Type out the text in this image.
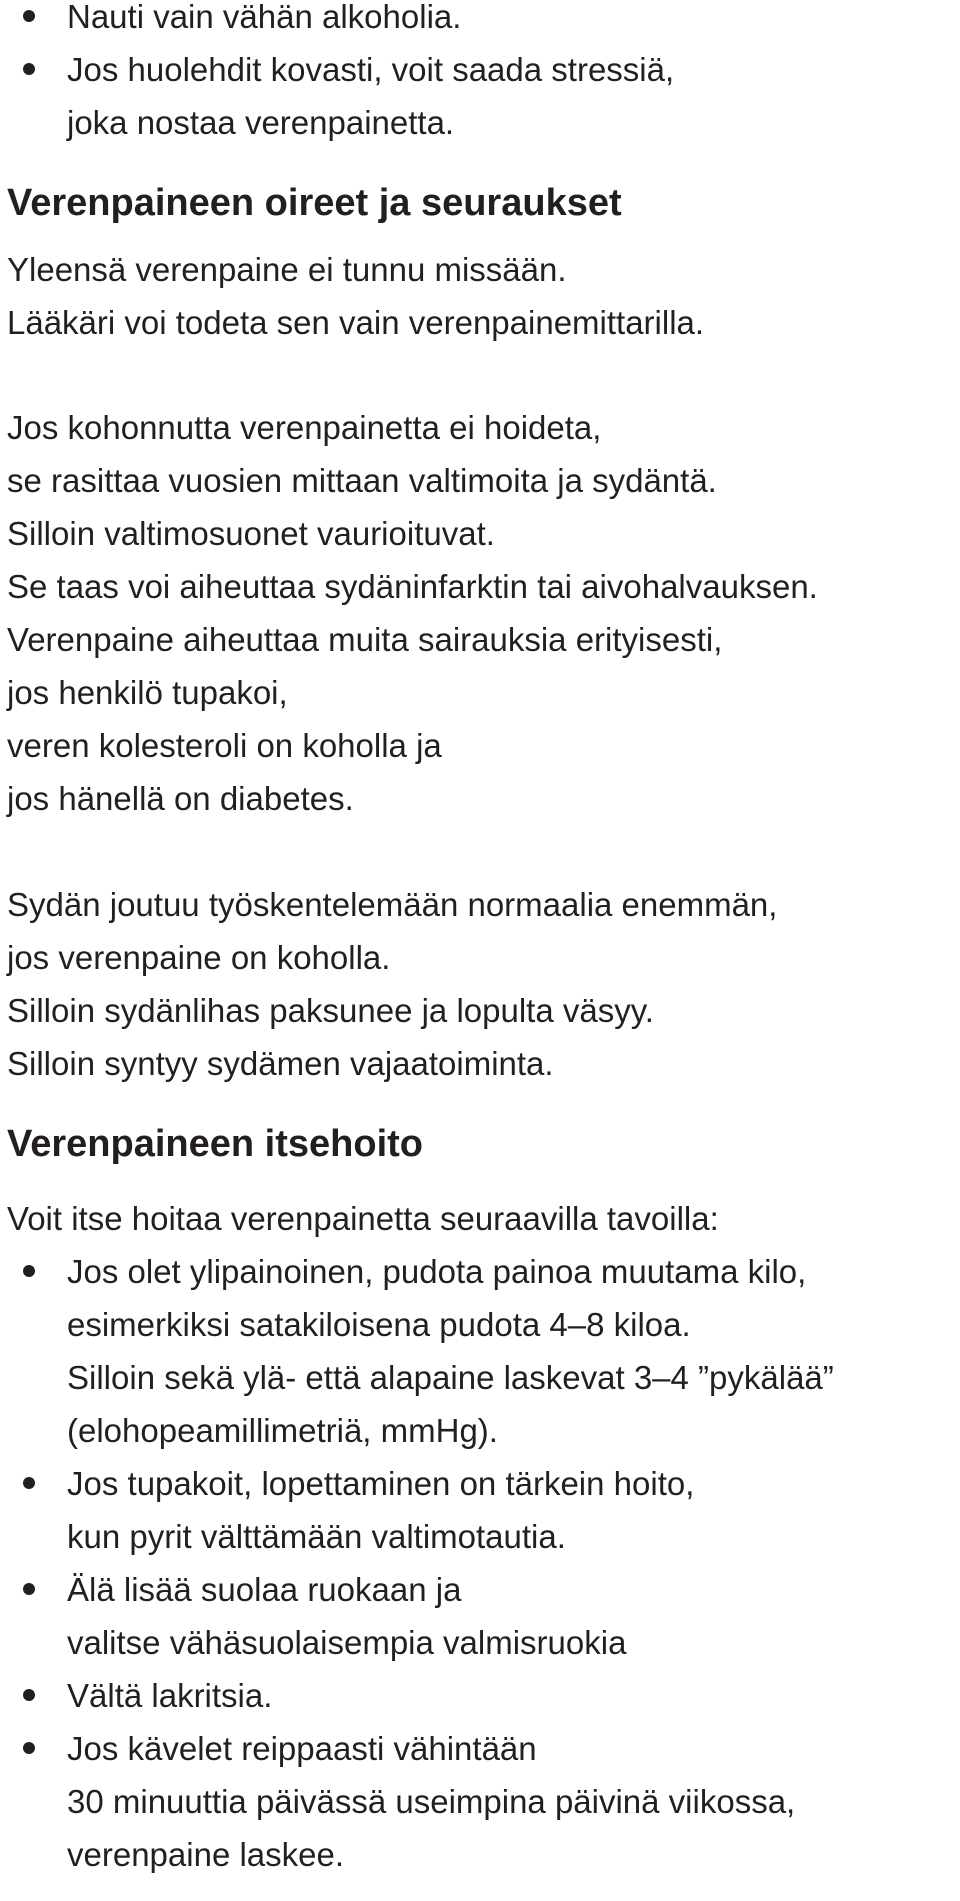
Nauti vain vähän alkoholia.
Jos huolehdit kovasti, voit saada stressiä,
joka nostaa verenpainetta.
Verenpaineen oireet ja seuraukset

Yleensä verenpaine ei tunnu missään.

Lääkäri voi todeta sen vain verenpainemittarilla.

Jos kohonnutta verenpainetta ei hoideta,

se rasittaa vuosien mittaan valtimoita ja sydäntä.

Silloin valtimosuonet vaurioituvat.

Se taas voi aiheuttaa sydäninfarktin tai aivohalvauksen.

Verenpaine aiheuttaa muita sairauksia erityisesti,

jos henkilö tupakoi,

veren kolesteroli on koholla ja

jos hänellä on diabetes.

Sydän joutuu työskentelemään normaalia enemmän,

jos verenpaine on koholla.

Silloin sydänlihas paksunee ja lopulta väsyy.

Silloin syntyy sydämen vajaatoiminta.

Verenpaineen itsehoito

Voit itse hoitaa verenpainetta seuraavilla tavoilla:

Jos olet ylipainoinen, pudota painoa muutama kilo,
esimerkiksi satakiloisena pudota 4–8 kiloa.
Silloin sekä ylä- että alapaine laskevat 3–4 ”pykälää”
(elohopeamillimetriä, mmHg).
Jos tupakoit, lopettaminen on tärkein hoito,
kun pyrit välttämään valtimotautia.
Älä lisää suolaa ruokaan ja
valitse vähäsuolaisempia valmisruokia
Vältä lakritsia.
Jos kävelet reippaasti vähintään
30 minuuttia päivässä useimpina päivinä viikossa,
verenpaine laskee.
